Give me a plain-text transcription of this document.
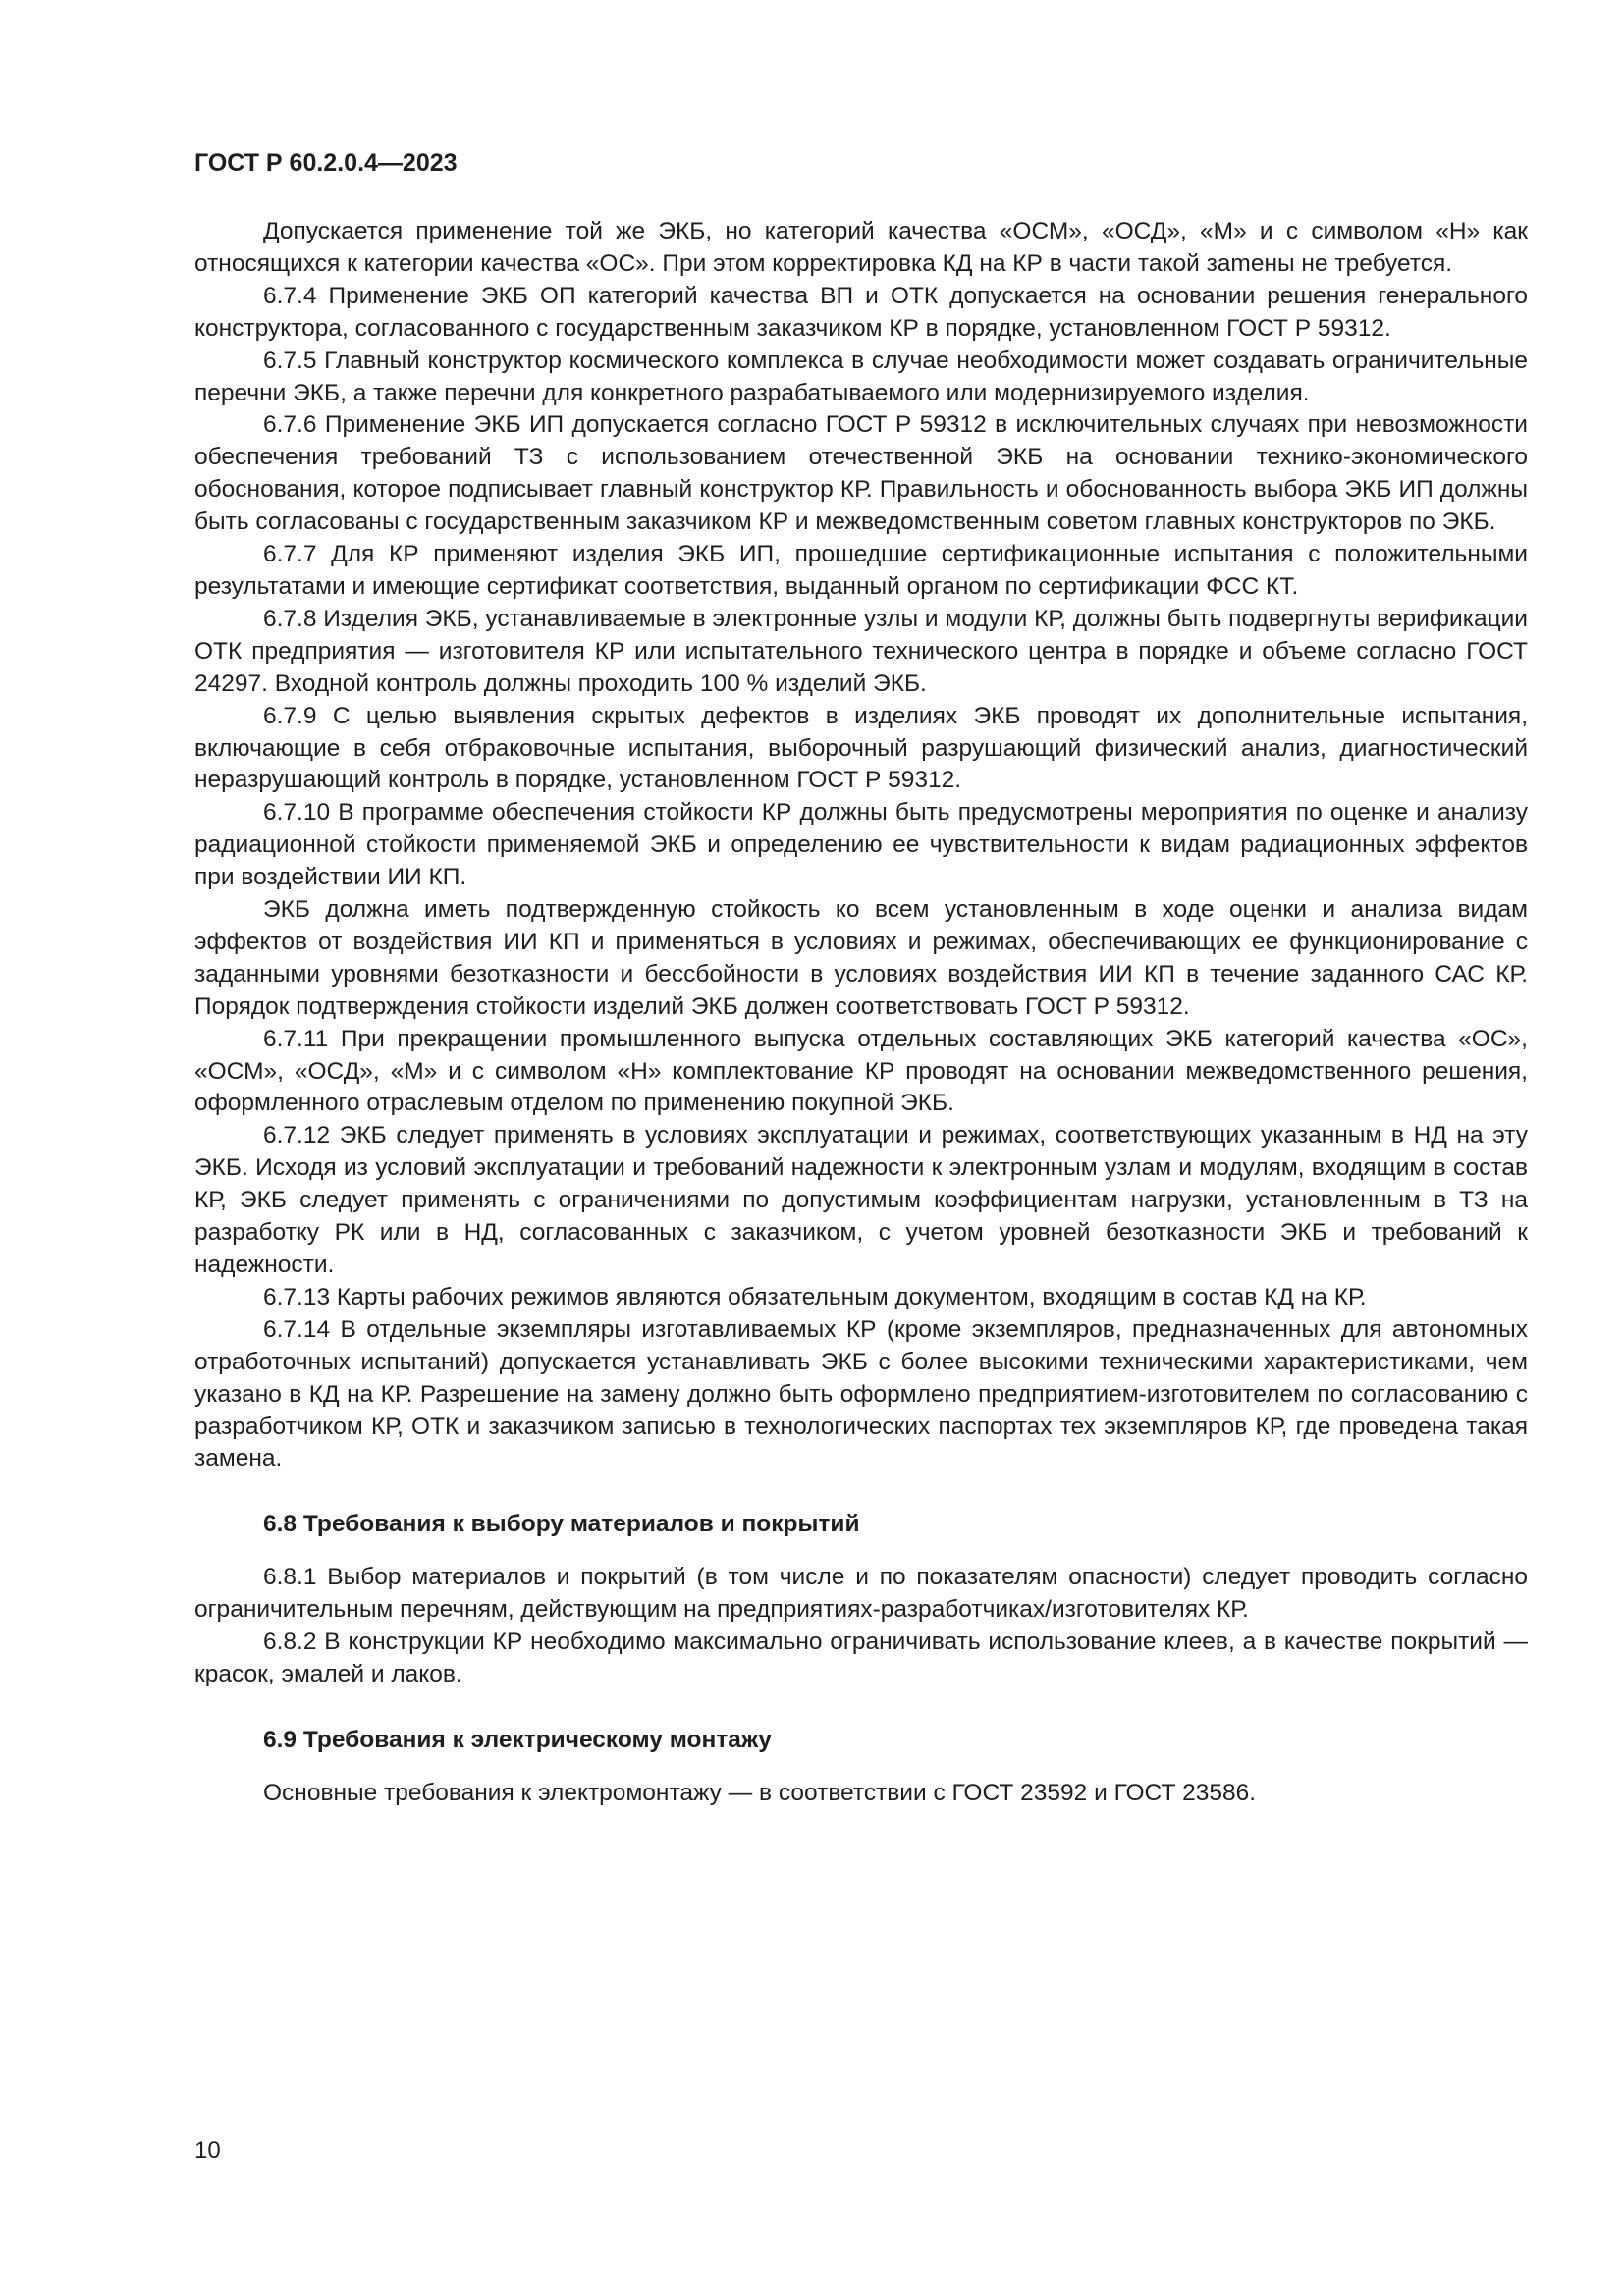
ГОСТ Р 60.2.0.4—2023
Допускается применение той же ЭКБ, но категорий качества «ОСМ», «ОСД», «М» и с символом «Н» как относящихся к категории качества «ОС». При этом корректировка КД на КР в части такой заmены не требуется.
6.7.4 Применение ЭКБ ОП категорий качества ВП и ОТК допускается на основании решения генерального конструктора, согласованного с государственным заказчиком КР в порядке, установленном ГОСТ Р 59312.
6.7.5 Главный конструктор космического комплекса в случае необходимости может создавать ограничительные перечни ЭКБ, а также перечни для конкретного разрабатываемого или модернизируемого изделия.
6.7.6 Применение ЭКБ ИП допускается согласно ГОСТ Р 59312 в исключительных случаях при невозможности обеспечения требований ТЗ с использованием отечественной ЭКБ на основании технико-экономического обоснования, которое подписывает главный конструктор КР. Правильность и обоснованность выбора ЭКБ ИП должны быть согласованы с государственным заказчиком КР и межведомственным советом главных конструкторов по ЭКБ.
6.7.7 Для КР применяют изделия ЭКБ ИП, прошедшие сертификационные испытания с положительными результатами и имеющие сертификат соответствия, выданный органом по сертификации ФСС КТ.
6.7.8 Изделия ЭКБ, устанавливаемые в электронные узлы и модули КР, должны быть подвергнуты верификации ОТК предприятия — изготовителя КР или испытательного технического центра в порядке и объеме согласно ГОСТ 24297. Входной контроль должны проходить 100 % изделий ЭКБ.
6.7.9 С целью выявления скрытых дефектов в изделиях ЭКБ проводят их дополнительные испытания, включающие в себя отбраковочные испытания, выборочный разрушающий физический анализ, диагностический неразрушающий контроль в порядке, установленном ГОСТ Р 59312.
6.7.10 В программе обеспечения стойкости КР должны быть предусмотрены мероприятия по оценке и анализу радиационной стойкости применяемой ЭКБ и определению ее чувствительности к видам радиационных эффектов при воздействии ИИ КП.
ЭКБ должна иметь подтвержденную стойкость ко всем установленным в ходе оценки и анализа видам эффектов от воздействия ИИ КП и применяться в условиях и режимах, обеспечивающих ее функционирование с заданными уровнями безотказности и бессбойности в условиях воздействия ИИ КП в течение заданного САС КР. Порядок подтверждения стойкости изделий ЭКБ должен соответствовать ГОСТ Р 59312.
6.7.11 При прекращении промышленного выпуска отдельных составляющих ЭКБ категорий качества «ОС», «ОСМ», «ОСД», «М» и с символом «Н» комплектование КР проводят на основании межведомственного решения, оформленного отраслевым отделом по применению покупной ЭКБ.
6.7.12 ЭКБ следует применять в условиях эксплуатации и режимах, соответствующих указанным в НД на эту ЭКБ. Исходя из условий эксплуатации и требований надежности к электронным узлам и модулям, входящим в состав КР, ЭКБ следует применять с ограничениями по допустимым коэффициентам нагрузки, установленным в ТЗ на разработку РК или в НД, согласованных с заказчиком, с учетом уровней безотказности ЭКБ и требований к надежности.
6.7.13 Карты рабочих режимов являются обязательным документом, входящим в состав КД на КР.
6.7.14 В отдельные экземпляры изготавливаемых КР (кроме экземпляров, предназначенных для автономных отработочных испытаний) допускается устанавливать ЭКБ с более высокими техническими характеристиками, чем указано в КД на КР. Разрешение на замену должно быть оформлено предприятием-изготовителем по согласованию с разработчиком КР, ОТК и заказчиком записью в технологических паспортах тех экземпляров КР, где проведена такая замена.
6.8 Требования к выбору материалов и покрытий
6.8.1 Выбор материалов и покрытий (в том числе и по показателям опасности) следует проводить согласно ограничительным перечням, действующим на предприятиях-разработчиках/изготовителях КР.
6.8.2 В конструкции КР необходимо максимально ограничивать использование клеев, а в качестве покрытий — красок, эмалей и лаков.
6.9 Требования к электрическому монтажу
Основные требования к электромонтажу — в соответствии с ГОСТ 23592 и ГОСТ 23586.
10
